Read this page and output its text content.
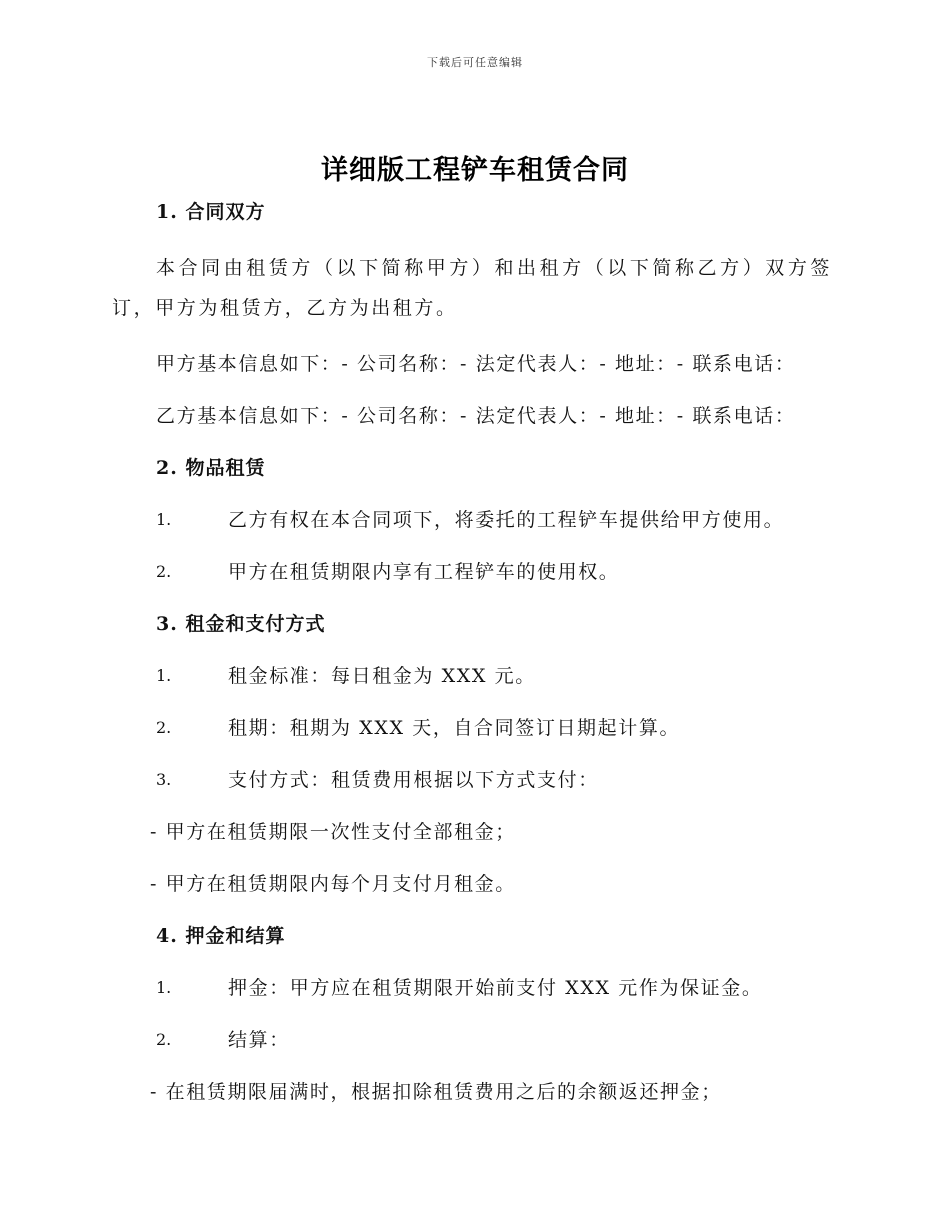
下载后可任意编辑
详细版工程铲车租赁合同
1. 合同双方

本合同由租赁方（以下简称甲方）和出租方（以下简称乙方）双方签订，甲方为租赁方，乙方为出租方。

甲方基本信息如下：- 公司名称：- 法定代表人：- 地址：- 联系电话：
乙方基本信息如下：- 公司名称：- 法定代表人：- 地址：- 联系电话：
2. 物品租赁
1.	乙方有权在本合同项下，将委托的工程铲车提供给甲方使用。
2.	甲方在租赁期限内享有工程铲车的使用权。
3. 租金和支付方式
1.	租金标准：每日租金为 XXX 元。
2.	租期：租期为 XXX 天，自合同签订日期起计算。
3.	支付方式：租赁费用根据以下方式支付：
- 甲方在租赁期限一次性支付全部租金；
- 甲方在租赁期限内每个月支付月租金。
4. 押金和结算
1.	押金：甲方应在租赁期限开始前支付 XXX 元作为保证金。
2.	结算：
- 在租赁期限届满时，根据扣除租赁费用之后的余额返还押金；
